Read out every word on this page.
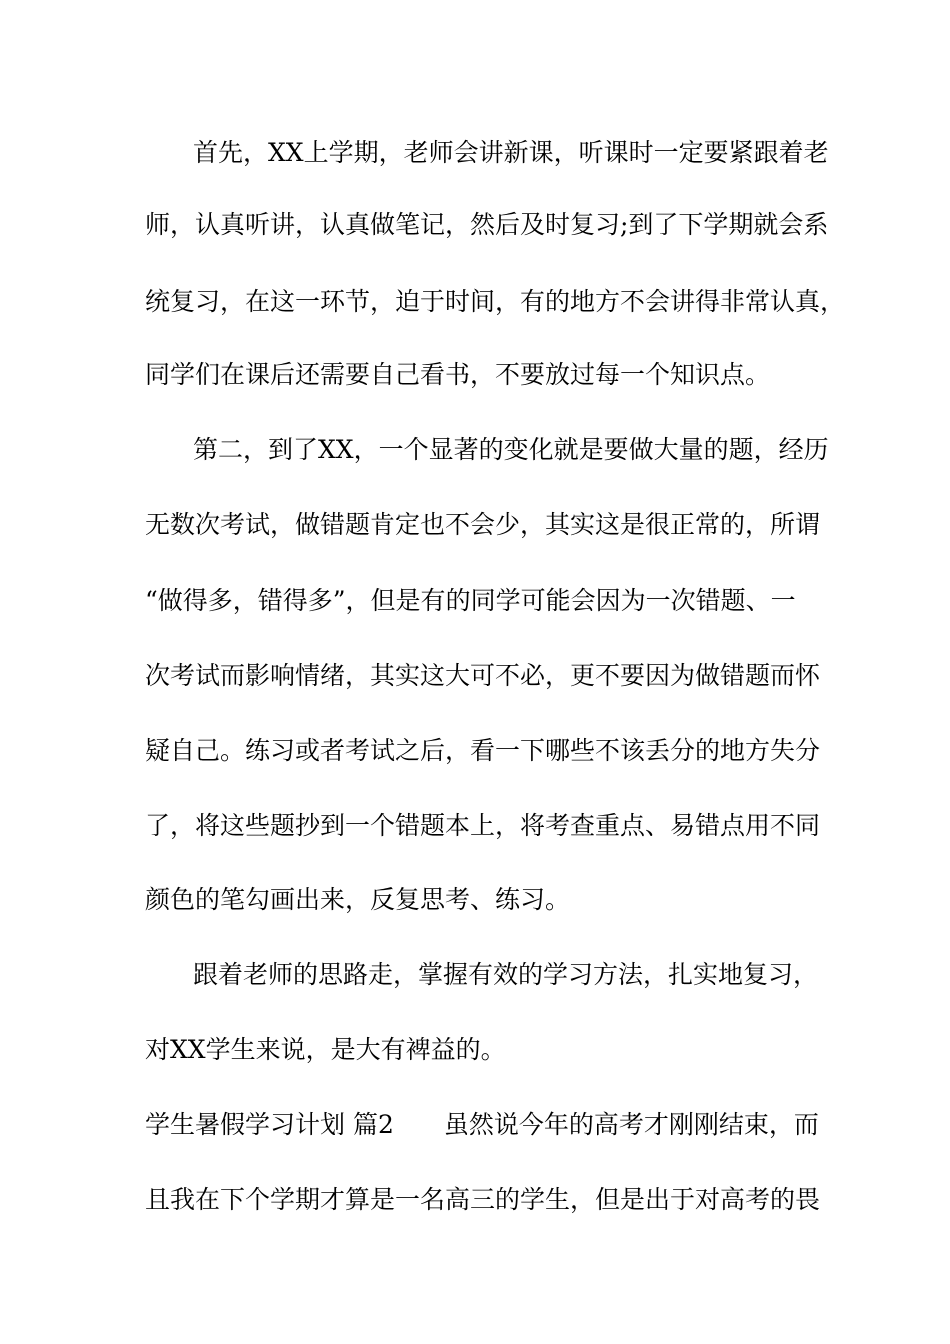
首先，XX上学期，老师会讲新课，听课时一定要紧跟着老
师，认真听讲，认真做笔记，然后及时复习;到了下学期就会系
统复习，在这一环节，迫于时间，有的地方不会讲得非常认真，
同学们在课后还需要自己看书，不要放过每一个知识点。
第二，到了XX，一个显著的变化就是要做大量的题，经历
无数次考试，做错题肯定也不会少，其实这是很正常的，所谓
“做得多，错得多”，但是有的同学可能会因为一次错题、一
次考试而影响情绪，其实这大可不必，更不要因为做错题而怀
疑自己。练习或者考试之后，看一下哪些不该丢分的地方失分
了，将这些题抄到一个错题本上，将考查重点、易错点用不同
颜色的笔勾画出来，反复思考、练习。
跟着老师的思路走，掌握有效的学习方法，扎实地复习，
对XX学生来说，是大有裨益的。
学生暑假学习计划 篇2　　虽然说今年的高考才刚刚结束，而
且我在下个学期才算是一名高三的学生，但是出于对高考的畏
